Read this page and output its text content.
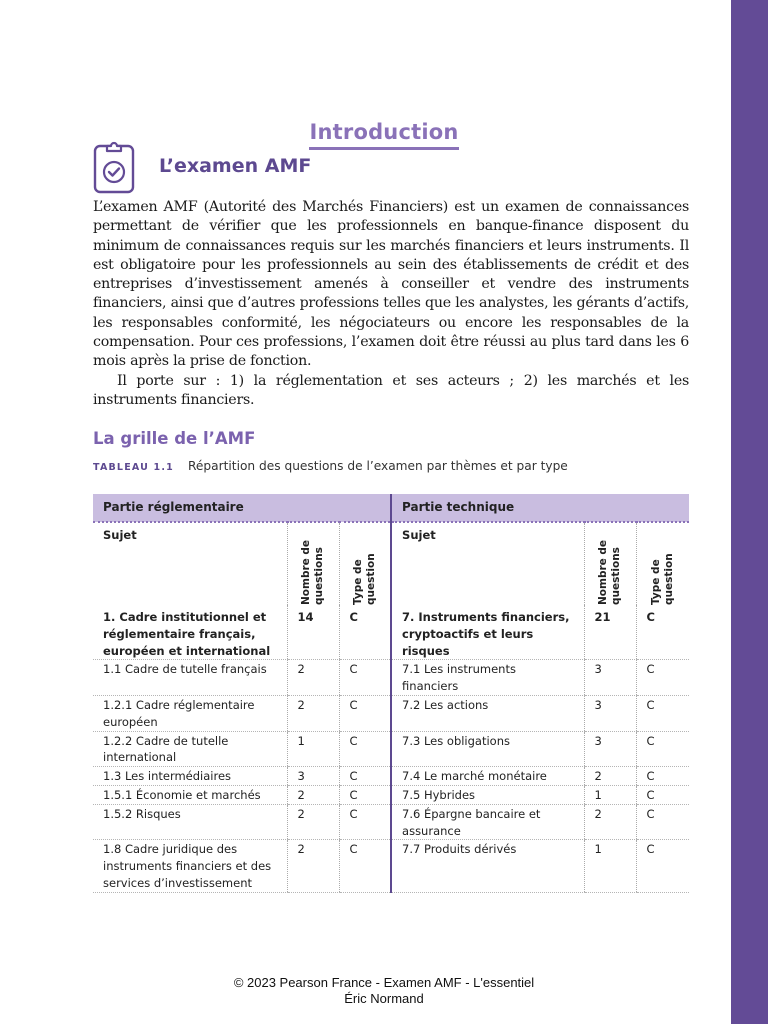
Introduction
L’examen AMF

L’examen AMF (Autorité des Marchés Financiers) est un examen de connaissances permettant de vérifier que les professionnels en banque-finance disposent du minimum de connaissances requis sur les marchés financiers et leurs instruments. Il est obligatoire pour les professionnels au sein des établissements de crédit et des entreprises d’investissement amenés à conseiller et vendre des instruments financiers, ainsi que d’autres professions telles que les analystes, les gérants d’actifs, les responsables conformité, les négociateurs ou encore les responsables de la compensation. Pour ces professions, l’examen doit être réussi au plus tard dans les 6 mois après la prise de fonction.

Il porte sur : 1) la réglementation et ses acteurs ; 2) les marchés et les instruments financiers.

La grille de l’AMF
TABLEAU 1.1 Répartition des questions de l’examen par thèmes et par type
Partie réglementaire			Partie technique		
Sujet	Nombre de questions	Type de question	Sujet	Nombre de questions	Type de question

1. Cadre institutionnel et réglementaire français, européen et international	14	C	7. Instruments financiers, cryptoactifs et leurs risques	21	C
1.1 Cadre de tutelle français	2	C	7.1 Les instruments financiers	3	C
1.2.1 Cadre réglementaire européen	2	C	7.2 Les actions	3	C
1.2.2 Cadre de tutelle international	1	C	7.3 Les obligations	3	C
1.3 Les intermédiaires	3	C	7.4 Le marché monétaire	2	C
1.5.1 Économie et marchés	2	C	7.5 Hybrides	1	C
1.5.2 Risques	2	C	7.6 Épargne bancaire et assurance	2	C
1.8 Cadre juridique des instruments financiers et des services d’investissement	2	C	7.7 Produits dérivés	1	C
© 2023 Pearson France - Examen AMF - L'essentiel
Éric Normand
